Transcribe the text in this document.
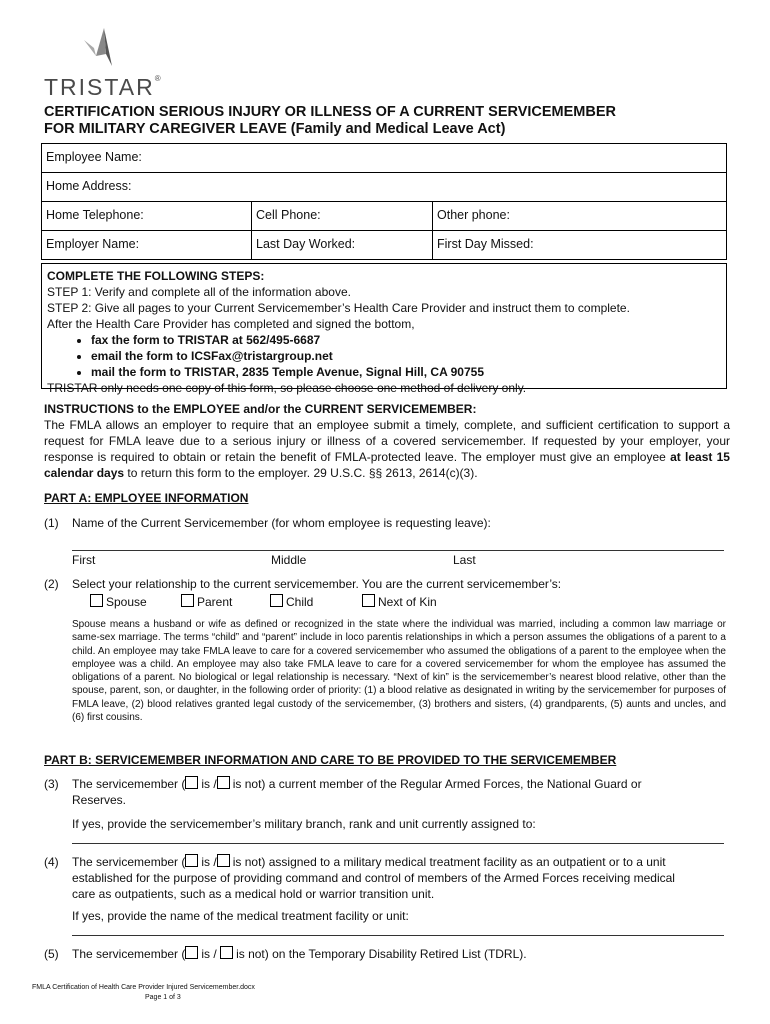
TRISTAR®
CERTIFICATION SERIOUS INJURY OR ILLNESS OF A CURRENT SERVICEMEMBER
FOR MILITARY CAREGIVER LEAVE (Family and Medical Leave Act)
Employee Name:		
Home Address:		
Home Telephone:	Cell Phone:	Other phone:
Employer Name:	Last Day Worked:	First Day Missed:
COMPLETE THE FOLLOWING STEPS:
STEP 1: Verify and complete all of the information above.
STEP 2: Give all pages to your Current Servicemember’s Health Care Provider and instruct them to complete.
After the Health Care Provider has completed and signed the bottom,
• fax the form to TRISTAR at 562/495-6687
• email the form to ICSFax@tristargroup.net
• mail the form to TRISTAR, 2835 Temple Avenue, Signal Hill, CA 90755
TRISTAR only needs one copy of this form, so please choose one method of delivery only.
INSTRUCTIONS to the EMPLOYEE and/or the CURRENT SERVICEMEMBER:
The FMLA allows an employer to require that an employee submit a timely, complete, and sufficient certification to support a request for FMLA leave due to a serious injury or illness of a covered servicemember. If requested by your employer, your response is required to obtain or retain the benefit of FMLA-protected leave. The employer must give an employee at least 15 calendar days to return this form to the employer. 29 U.S.C. §§ 2613, 2614(c)(3).
PART A: EMPLOYEE INFORMATION
(1) Name of the Current Servicemember (for whom employee is requesting leave):
First	Middle	Last
(2) Select your relationship to the current servicemember. You are the current servicemember’s:
Spouse	Parent	Child	Next of Kin
Spouse means a husband or wife as defined or recognized in the state where the individual was married, including a common law marriage or same-sex marriage. The terms “child” and “parent” include in loco parentis relationships in which a person assumes the obligations of a parent to a child. An employee may take FMLA leave to care for a covered servicemember who assumed the obligations of a parent to the employee when the employee was a child. An employee may also take FMLA leave to care for a covered servicemember for whom the employee has assumed the obligations of a parent. No biological or legal relationship is necessary. “Next of kin” is the servicemember’s nearest blood relative, other than the spouse, parent, son, or daughter, in the following order of priority: (1) a blood relative as designated in writing by the servicemember for purposes of FMLA leave, (2) blood relatives granted legal custody of the servicemember, (3) brothers and sisters, (4) grandparents, (5) aunts and uncles, and (6) first cousins.
PART B: SERVICEMEMBER INFORMATION AND CARE TO BE PROVIDED TO THE SERVICEMEMBER
(3) The servicemember ( is / is not) a current member of the Regular Armed Forces, the National Guard or
Reserves.
If yes, provide the servicemember’s military branch, rank and unit currently assigned to:
(4) The servicemember ( is / is not) assigned to a military medical treatment facility as an outpatient or to a unit
established for the purpose of providing command and control of members of the Armed Forces receiving medical
care as outpatients, such as a medical hold or warrior transition unit.
If yes, provide the name of the medical treatment facility or unit:
(5) The servicemember ( is / is not) on the Temporary Disability Retired List (TDRL).
FMLA Certification of Health Care Provider Injured Servicemember.docx
Page 1 of 3
